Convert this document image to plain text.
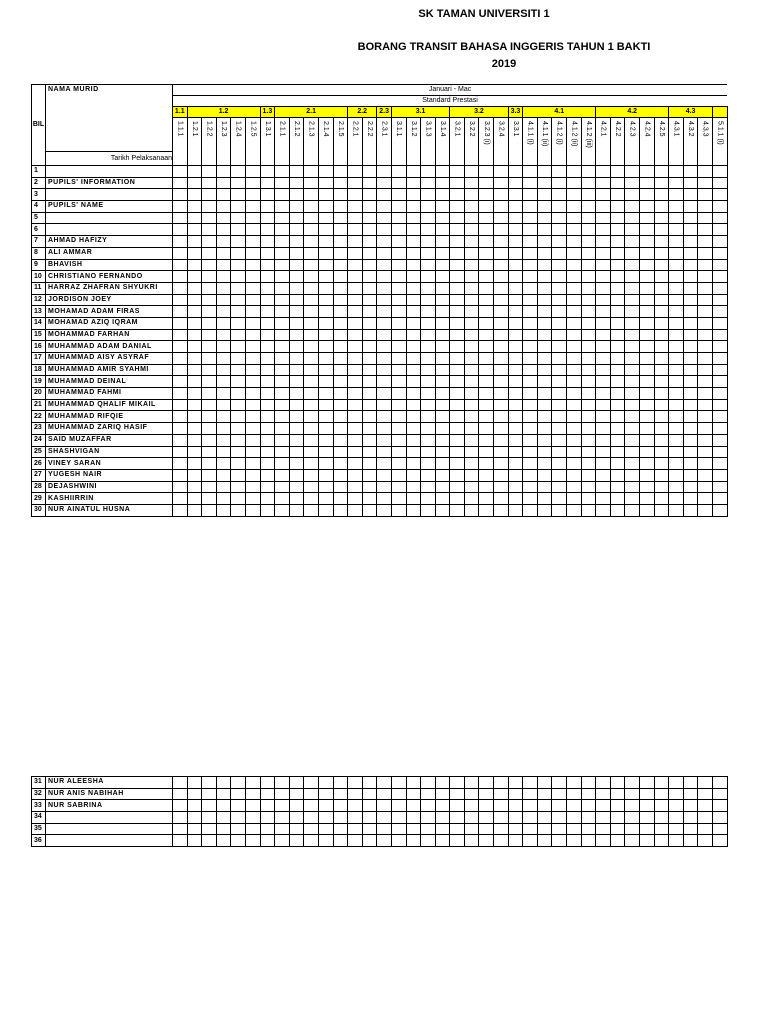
SK TAMAN UNIVERSITI 1
BORANG TRANSIT BAHASA INGGERIS TAHUN 1 BAKTI
2019
BIL	NAMA MURID	Januari - Mac																																					
		Standard Prestasi																																					
		1.1	1.2					1.3	2.1					2.2		2.3	3.1				3.2				3.3	4.1					4.2					4.3			
		1.1.1	1.2.1	1.2.2	1.2.3	1.2.4	1.2.5	1.3.1	2.1.1	2.1.2	2.1.3	2.1.4	2.1.5	2.2.1	2.2.2	2.3.1	3.1.1	3.1.2	3.1.3	3.1.4	3.2.1	3.2.2	3.2.3 (i)	3.2.4	3.3.1	4.1.1 (i)	4.1.1 (ii)	4.1.2 (i)	4.1.2 (ii)	4.1.2 (iii)	4.2.1	4.2.2	4.2.3	4.2.4	4.2.5	4.3.1	4.3.2	4.3.3	5.1.1 (i)
	Tarikh Pelaksanaan																																						
1																																							
2	PUPILS' INFORMATION																																						
3																																							
4	PUPILS' NAME																																						
5																																							
6																																							
7	AHMAD HAFIZY																																						
8	ALI AMMAR																																						
9	BHAVISH																																						
10	CHRISTIANO FERNANDO																																						
11	HARRAZ ZHAFRAN SHYUKRI																																						
12	JORDISON JOEY																																						
13	MOHAMAD ADAM FIRAS																																						
14	MOHAMAD AZIQ IQRAM																																						
15	MOHAMMAD FARHAN																																						
16	MUHAMMAD ADAM DANIAL																																						
17	MUHAMMAD AISY ASYRAF																																						
18	MUHAMMAD AMIR SYAHMI																																						
19	MUHAMMAD DEINAL																																						
20	MUHAMMAD FAHMI																																						
21	MUHAMMAD QHALIF MIKAIL																																						
22	MUHAMMAD RIFQIE																																						
23	MUHAMMAD ZARIQ HASIF																																						
24	SAID MUZAFFAR																																						
25	SHASHVIGAN																																						
26	VINEY SARAN																																						
27	YUGESH NAIR																																						
28	DEJASHWINI																																						
29	KASHIIRRIN																																						
30	NUR AINATUL HUSNA																																						
31	NUR ALEESHA																																						
32	NUR ANIS NABIHAH																																						
33	NUR SABRINA																																						
34																																							
35																																							
36																																							
